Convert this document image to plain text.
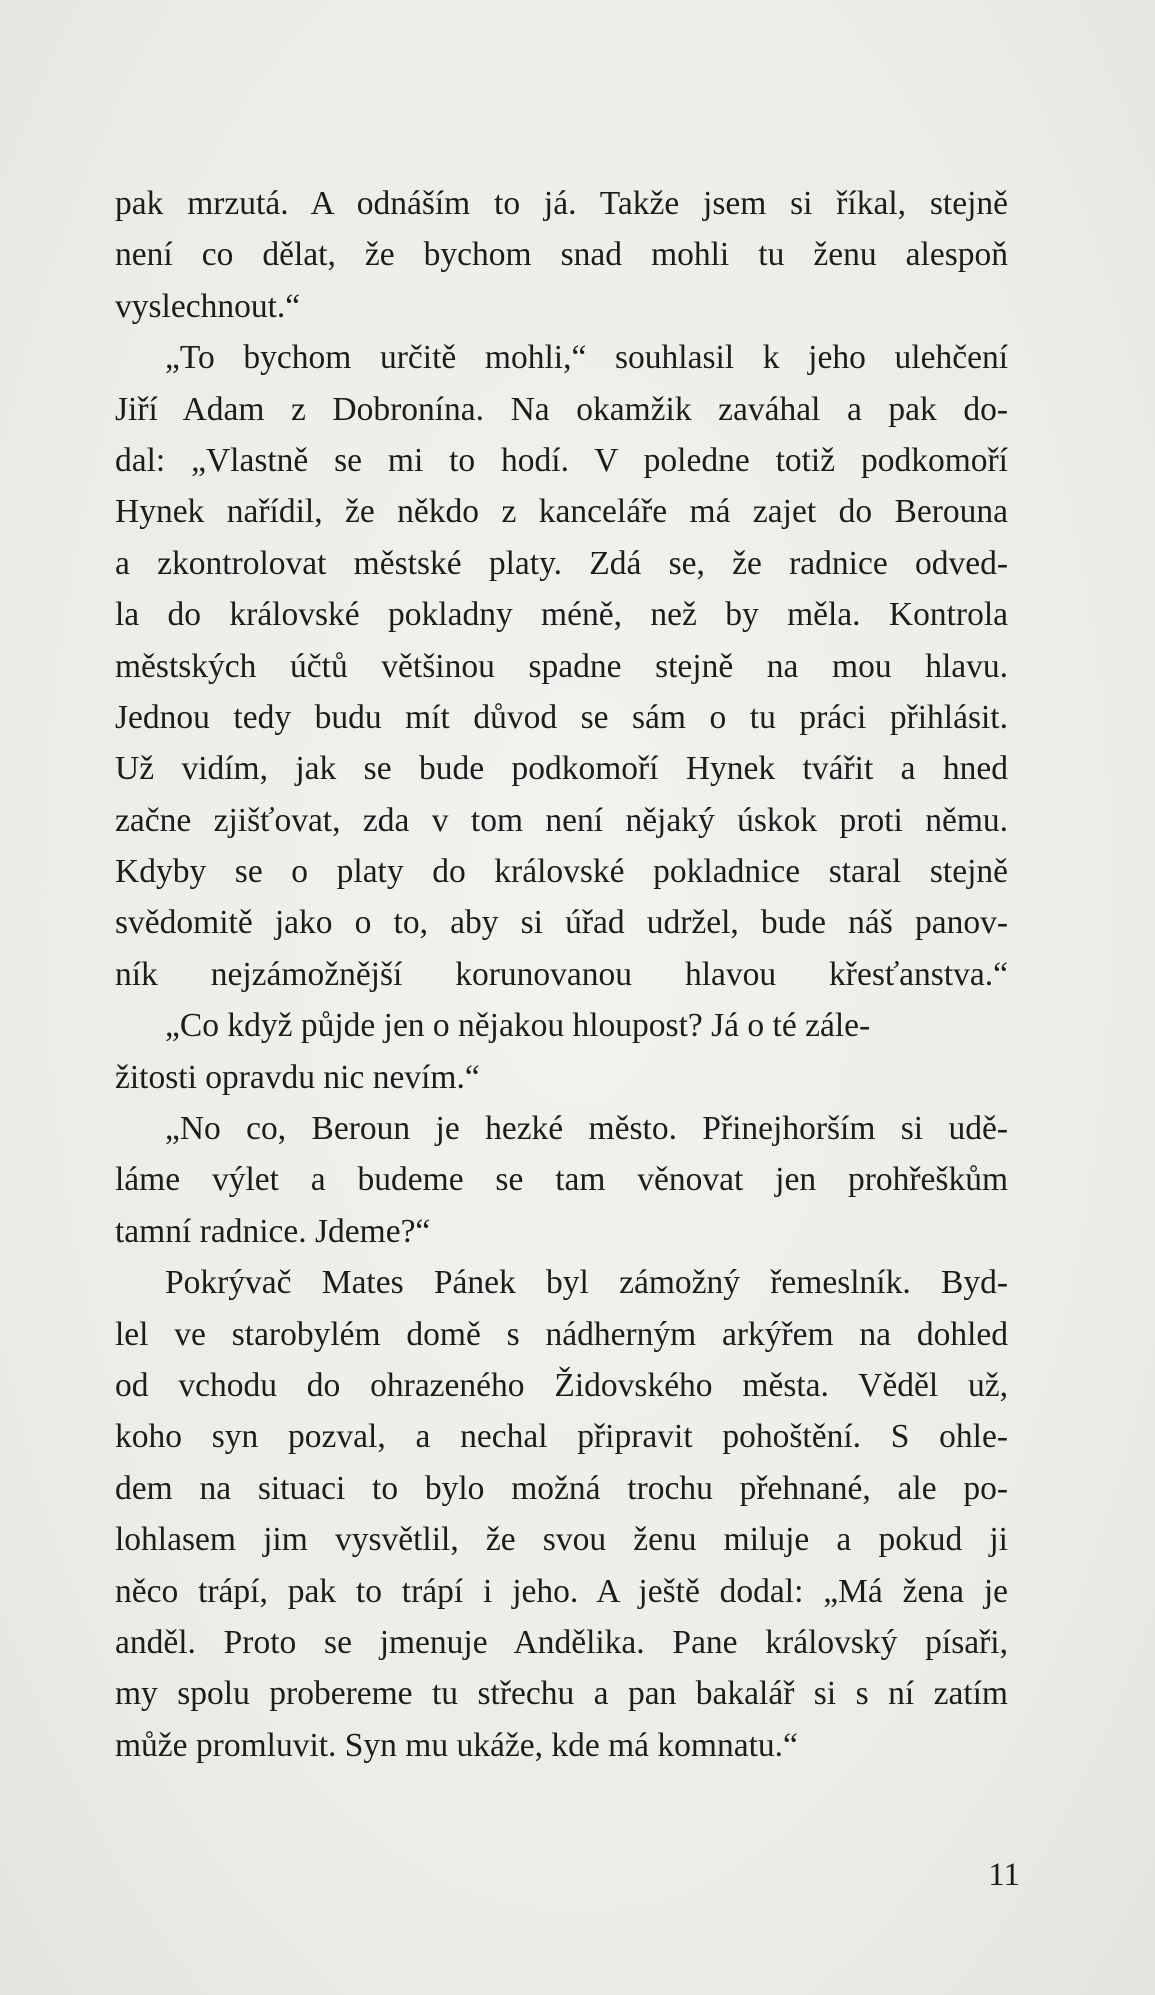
pak mrzutá. A odnáším to já. Takže jsem si říkal, stejně
není co dělat, že bychom snad mohli tu ženu alespoň
vyslechnout.“
„To bychom určitě mohli,“ souhlasil k jeho ulehčení
Jiří Adam z Dobronína. Na okamžik zaváhal a pak do-
dal: „Vlastně se mi to hodí. V poledne totiž podkomoří
Hynek nařídil, že někdo z kanceláře má zajet do Berouna
a zkontrolovat městské platy. Zdá se, že radnice odved-
la do královské pokladny méně, než by měla. Kontrola
městských účtů většinou spadne stejně na mou hlavu.
Jednou tedy budu mít důvod se sám o tu práci přihlásit.
Už vidím, jak se bude podkomoří Hynek tvářit a hned
začne zjišťovat, zda v tom není nějaký úskok proti němu.
Kdyby se o platy do královské pokladnice staral stejně
svědomitě jako o to, aby si úřad udržel, bude náš panov-
ník nejzámožnější korunovanou hlavou křesťanstva.“
„Co když půjde jen o nějakou hloupost? Já o té zále-
žitosti opravdu nic nevím.“
„No co, Beroun je hezké město. Přinejhorším si udě-
láme výlet a budeme se tam věnovat jen prohřeškům
tamní radnice. Jdeme?“
Pokrývač Mates Pánek byl zámožný řemeslník. Byd-
lel ve starobylém domě s nádherným arkýřem na dohled
od vchodu do ohrazeného Židovského města. Věděl už,
koho syn pozval, a nechal připravit pohoštění. S ohle-
dem na situaci to bylo možná trochu přehnané, ale po-
lohlasem jim vysvětlil, že svou ženu miluje a pokud ji
něco trápí, pak to trápí i jeho. A ještě dodal: „Má žena je
anděl. Proto se jmenuje Andělika. Pane královský písaři,
my spolu probereme tu střechu a pan bakalář si s ní zatím
může promluvit. Syn mu ukáže, kde má komnatu.“
11
